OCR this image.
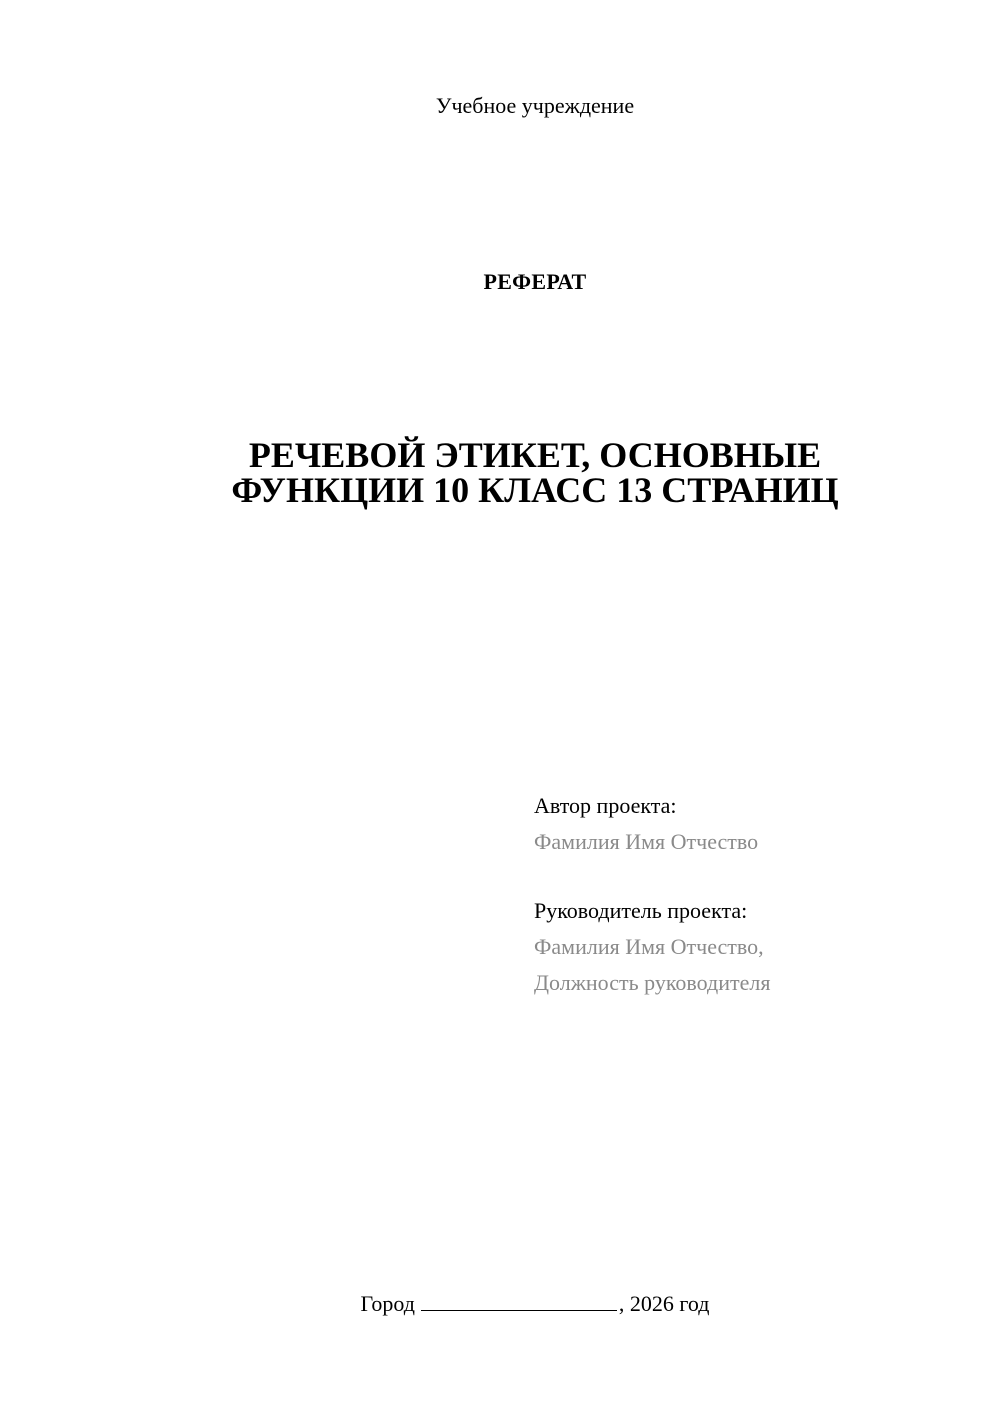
Учебное учреждение
РЕФЕРАТ
РЕЧЕВОЙ ЭТИКЕТ, ОСНОВНЫЕ
ФУНКЦИИ 10 КЛАСС 13 СТРАНИЦ
Автор проекта:
Фамилия Имя Отчество
Руководитель проекта:
Фамилия Имя Отчество,
Должность руководителя
Город	, 2026 год
